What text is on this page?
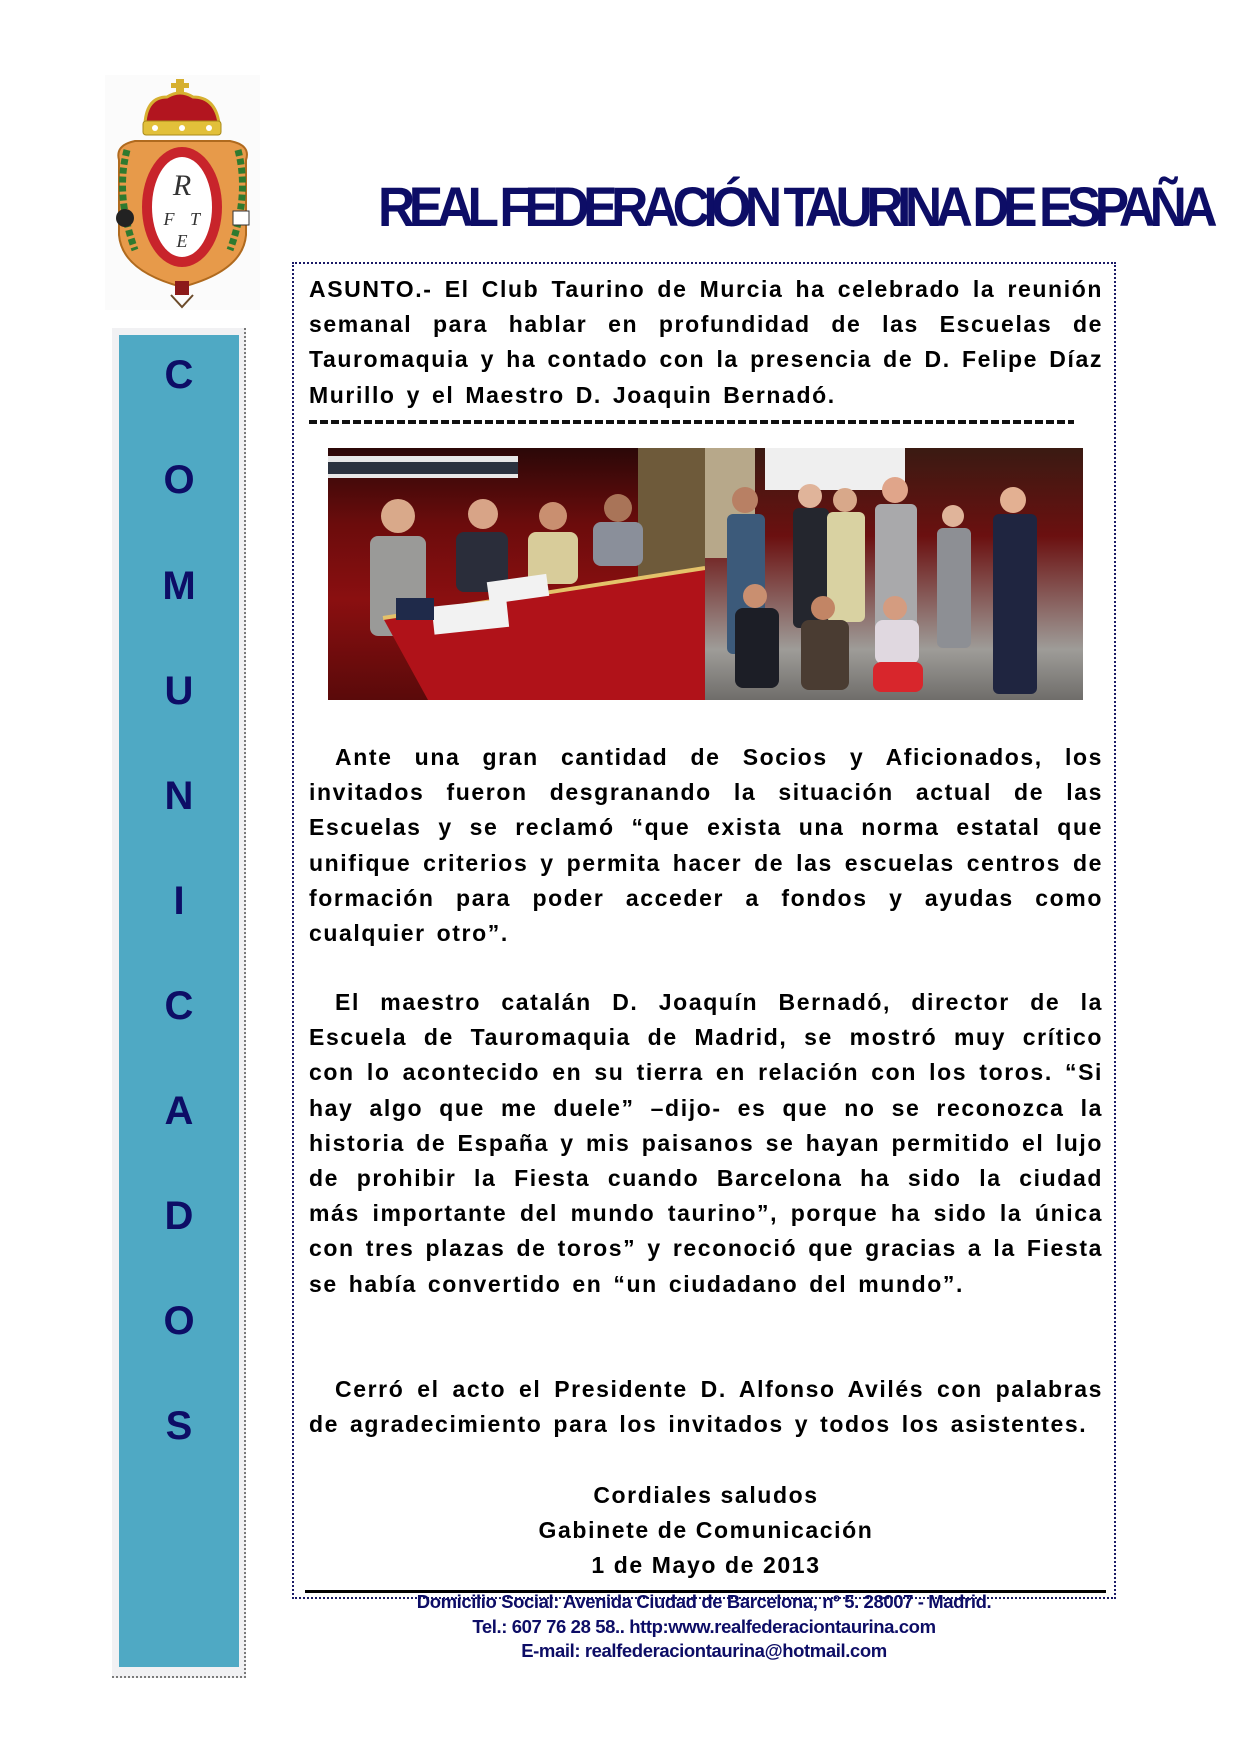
R
F T
E
REAL FEDERACIÓN TAURINA DE ESPAÑA
C
O
M
U
N
I
C
A
D
O
S
ASUNTO.- El Club Taurino de Murcia ha celebrado la reunión semanal para hablar en profundidad de las Escuelas de Tauromaquia y ha contado con la presencia de D. Felipe Díaz Murillo y el Maestro D. Joaquin Bernadó.
Ante una gran cantidad de Socios y Aficionados, los invitados fueron desgranando la situación actual de las Escuelas y se reclamó “que exista una norma estatal que unifique criterios y permita hacer de las escuelas centros de formación para poder acceder a fondos y ayudas como cualquier otro”.
El maestro catalán D. Joaquín Bernadó, director de la Escuela de Tauromaquia de Madrid, se mostró muy crítico con lo acontecido en su tierra en relación con los toros. “Si hay algo que me duele” –dijo- es que no se reconozca la historia de España y mis paisanos se hayan permitido el lujo de prohibir la Fiesta cuando Barcelona ha sido la ciudad más importante del mundo taurino”, porque ha sido la única con tres plazas de toros” y reconoció que gracias a la Fiesta se había convertido en “un ciudadano del mundo”.
Cerró el acto el Presidente D. Alfonso Avilés con palabras de agradecimiento para los invitados y todos los asistentes.
Cordiales saludos
Gabinete de Comunicación
1 de Mayo de 2013
Domicilio Social: Avenida Ciudad de Barcelona, nº 5. 28007 - Madrid.
Tel.: 607 76 28 58.. http:www.realfederaciontaurina.com
E-mail: realfederaciontaurina@hotmail.com
